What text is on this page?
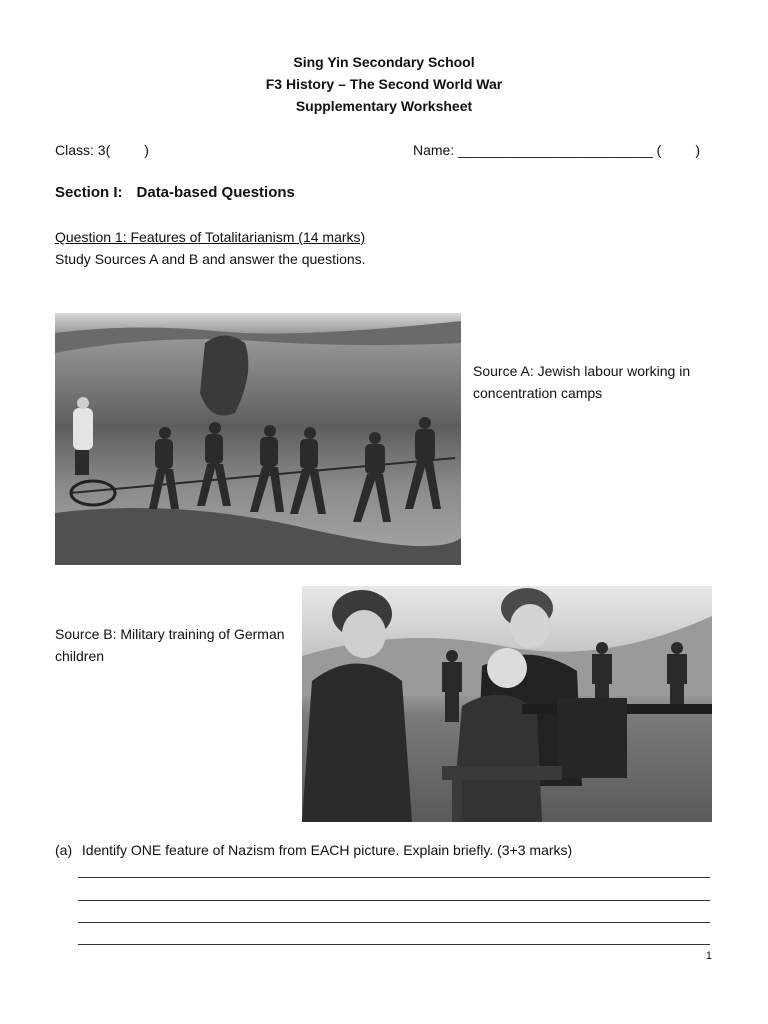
Sing Yin Secondary School
F3 History – The Second World War
Supplementary Worksheet
Class: 3( )	Name: _________________________ ( )
Section I: Data-based Questions
Question 1: Features of Totalitarianism (14 marks)
Study Sources A and B and answer the questions.
Source A: Jewish labour working in concentration camps
Source B: Military training of German children
(a) Identify ONE feature of Nazism from EACH picture. Explain briefly. (3+3 marks)
1
